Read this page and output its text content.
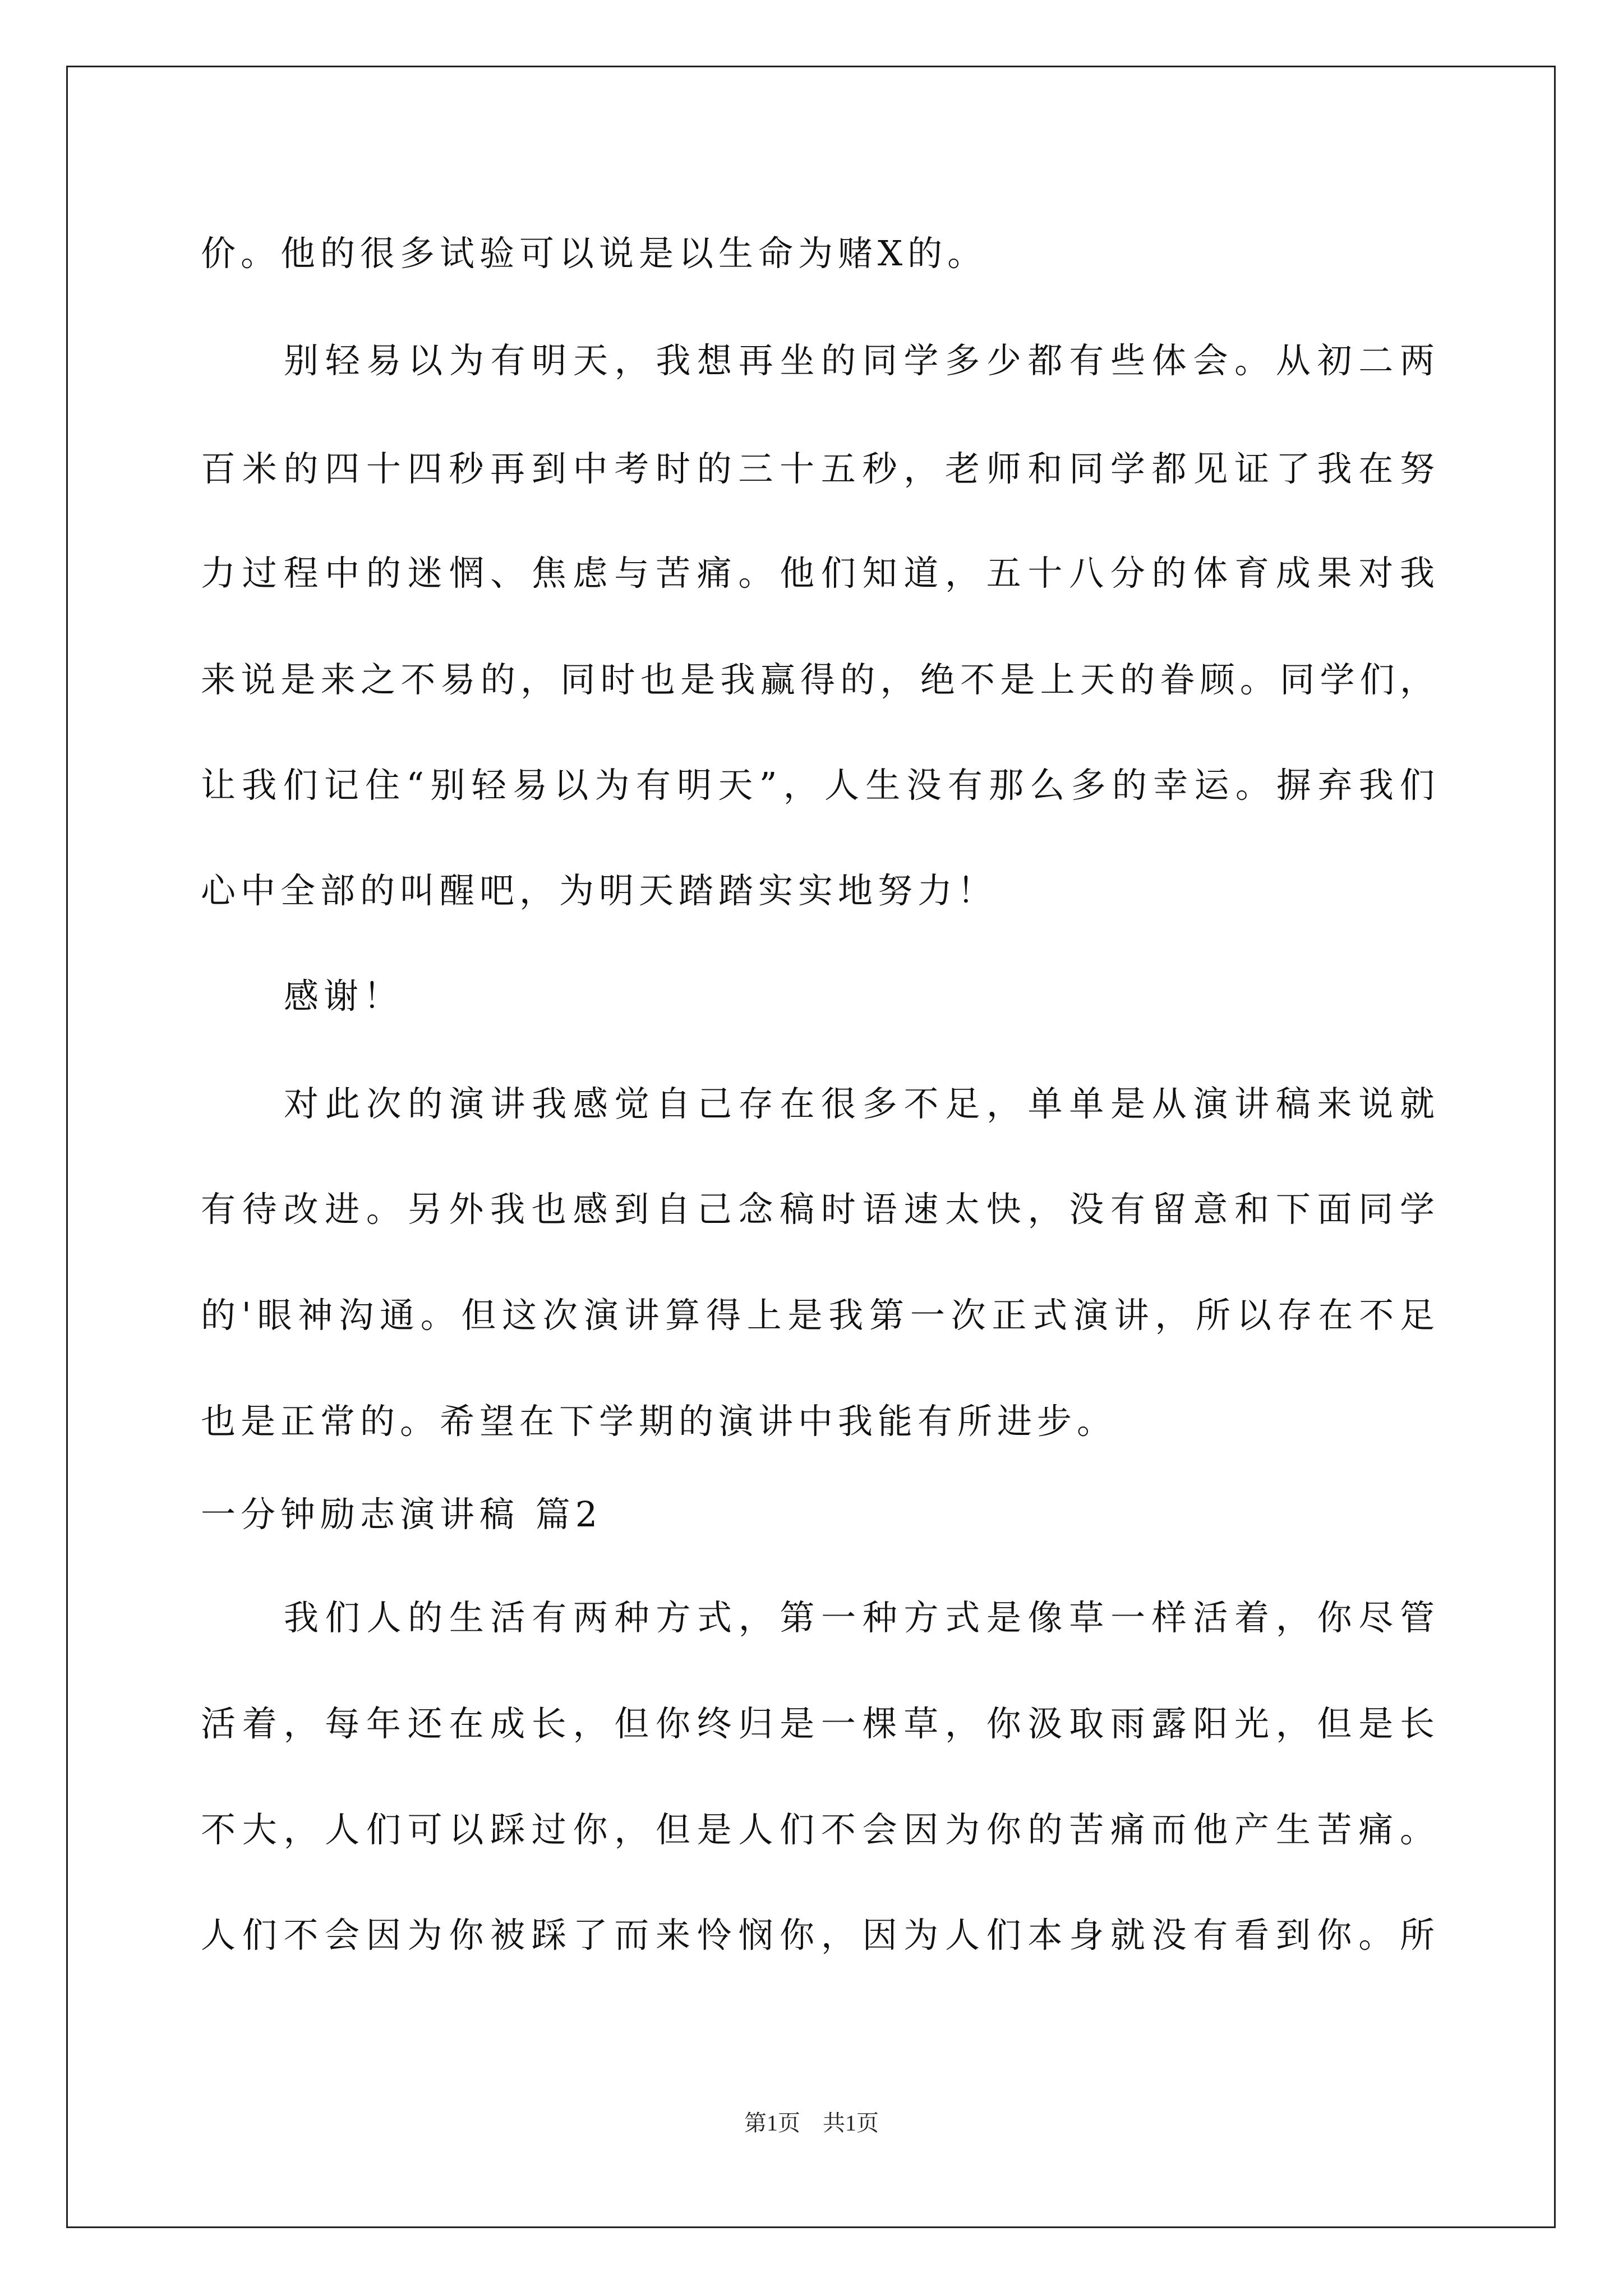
价。他的很多试验可以说是以生命为赌X的。
别轻易以为有明天，我想再坐的同学多少都有些体会。从初二两
百米的四十四秒再到中考时的三十五秒，老师和同学都见证了我在努
力过程中的迷惘、焦虑与苦痛。他们知道，五十八分的体育成果对我
来说是来之不易的，同时也是我赢得的，绝不是上天的眷顾。同学们，
让我们记住“别轻易以为有明天”，人生没有那么多的幸运。摒弃我们
心中全部的叫醒吧，为明天踏踏实实地努力！
感谢！
对此次的演讲我感觉自己存在很多不足，单单是从演讲稿来说就
有待改进。另外我也感到自己念稿时语速太快，没有留意和下面同学
的'眼神沟通。但这次演讲算得上是我第一次正式演讲，所以存在不足
也是正常的。希望在下学期的演讲中我能有所进步。
一分钟励志演讲稿 篇2
我们人的生活有两种方式，第一种方式是像草一样活着，你尽管
活着，每年还在成长，但你终归是一棵草，你汲取雨露阳光，但是长
不大，人们可以踩过你，但是人们不会因为你的苦痛而他产生苦痛。
人们不会因为你被踩了而来怜悯你，因为人们本身就没有看到你。所
第1页　共1页
